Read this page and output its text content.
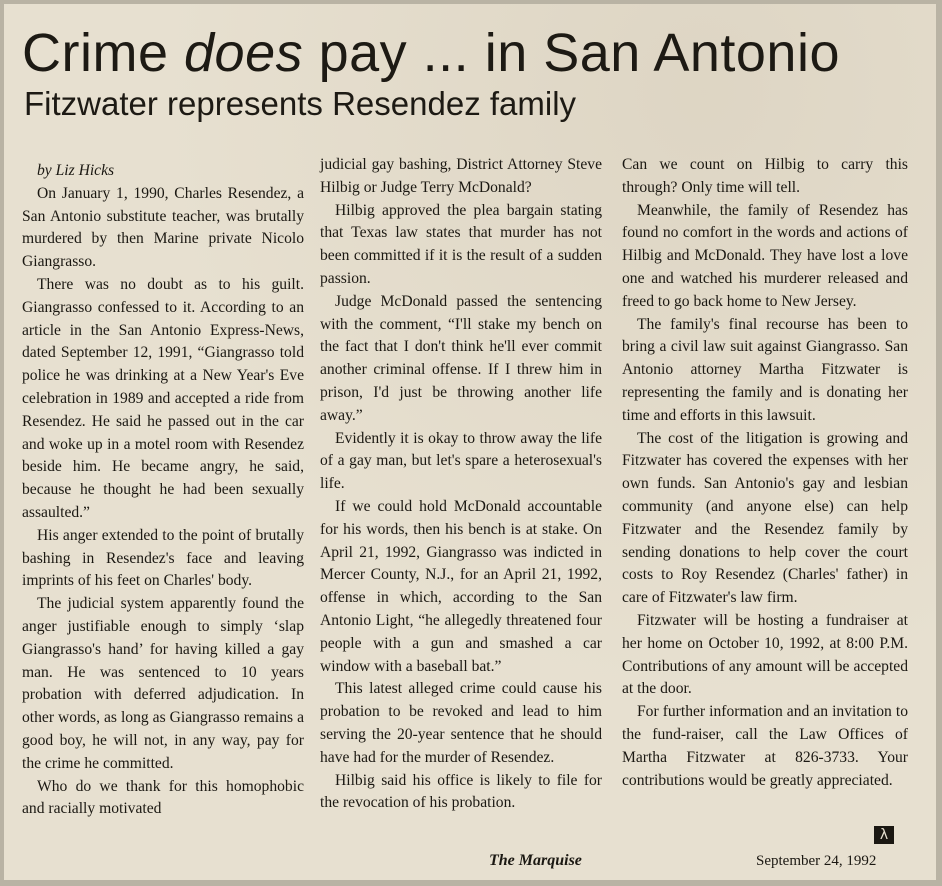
Crime does pay ... in San Antonio
Fitzwater represents Resendez family

by Liz Hicks

On January 1, 1990, Charles Resendez, a San Antonio substitute teacher, was brutally murdered by then Marine private Nicolo Giangrasso.

There was no doubt as to his guilt. Giangrasso confessed to it. According to an article in the San Antonio Express-News, dated September 12, 1991, “Giangrasso told police he was drinking at a New Year's Eve celebration in 1989 and accepted a ride from Resendez. He said he passed out in the car and woke up in a motel room with Resendez beside him. He became angry, he said, because he thought he had been sexually assaulted.”

His anger extended to the point of brutally bashing in Resendez's face and leaving imprints of his feet on Charles' body.

The judicial system apparently found the anger justifiable enough to simply ‘slap Giangrasso's hand’ for having killed a gay man. He was sentenced to 10 years probation with deferred adjudication. In other words, as long as Giangrasso remains a good boy, he will not, in any way, pay for the crime he committed.

Who do we thank for this homophobic and racially motivated

judicial gay bashing, District Attorney Steve Hilbig or Judge Terry McDonald?

Hilbig approved the plea bargain stating that Texas law states that murder has not been committed if it is the result of a sudden passion.

Judge McDonald passed the sentencing with the comment, “I'll stake my bench on the fact that I don't think he'll ever commit another criminal offense. If I threw him in prison, I'd just be throwing another life away.”

Evidently it is okay to throw away the life of a gay man, but let's spare a heterosexual's life.

If we could hold McDonald accountable for his words, then his bench is at stake. On April 21, 1992, Giangrasso was indicted in Mercer County, N.J., for an April 21, 1992, offense in which, according to the San Antonio Light, “he allegedly threatened four people with a gun and smashed a car window with a baseball bat.”

This latest alleged crime could cause his probation to be revoked and lead to him serving the 20-year sentence that he should have had for the murder of Resendez.

Hilbig said his office is likely to file for the revocation of his probation.

Can we count on Hilbig to carry this through? Only time will tell.

Meanwhile, the family of Resendez has found no comfort in the words and actions of Hilbig and McDonald. They have lost a love one and watched his murderer released and freed to go back home to New Jersey.

The family's final recourse has been to bring a civil law suit against Giangrasso. San Antonio attorney Martha Fitzwater is representing the family and is donating her time and efforts in this lawsuit.

The cost of the litigation is growing and Fitzwater has covered the expenses with her own funds. San Antonio's gay and lesbian community (and anyone else) can help Fitzwater and the Resendez family by sending donations to help cover the court costs to Roy Resendez (Charles' father) in care of Fitzwater's law firm.

Fitzwater will be hosting a fundraiser at her home on October 10, 1992, at 8:00 P.M. Contributions of any amount will be accepted at the door.

For further information and an invitation to the fund-raiser, call the Law Offices of Martha Fitzwater at 826-3733. Your contributions would be greatly appreciated.

λ
The Marquise	September 24, 1992
